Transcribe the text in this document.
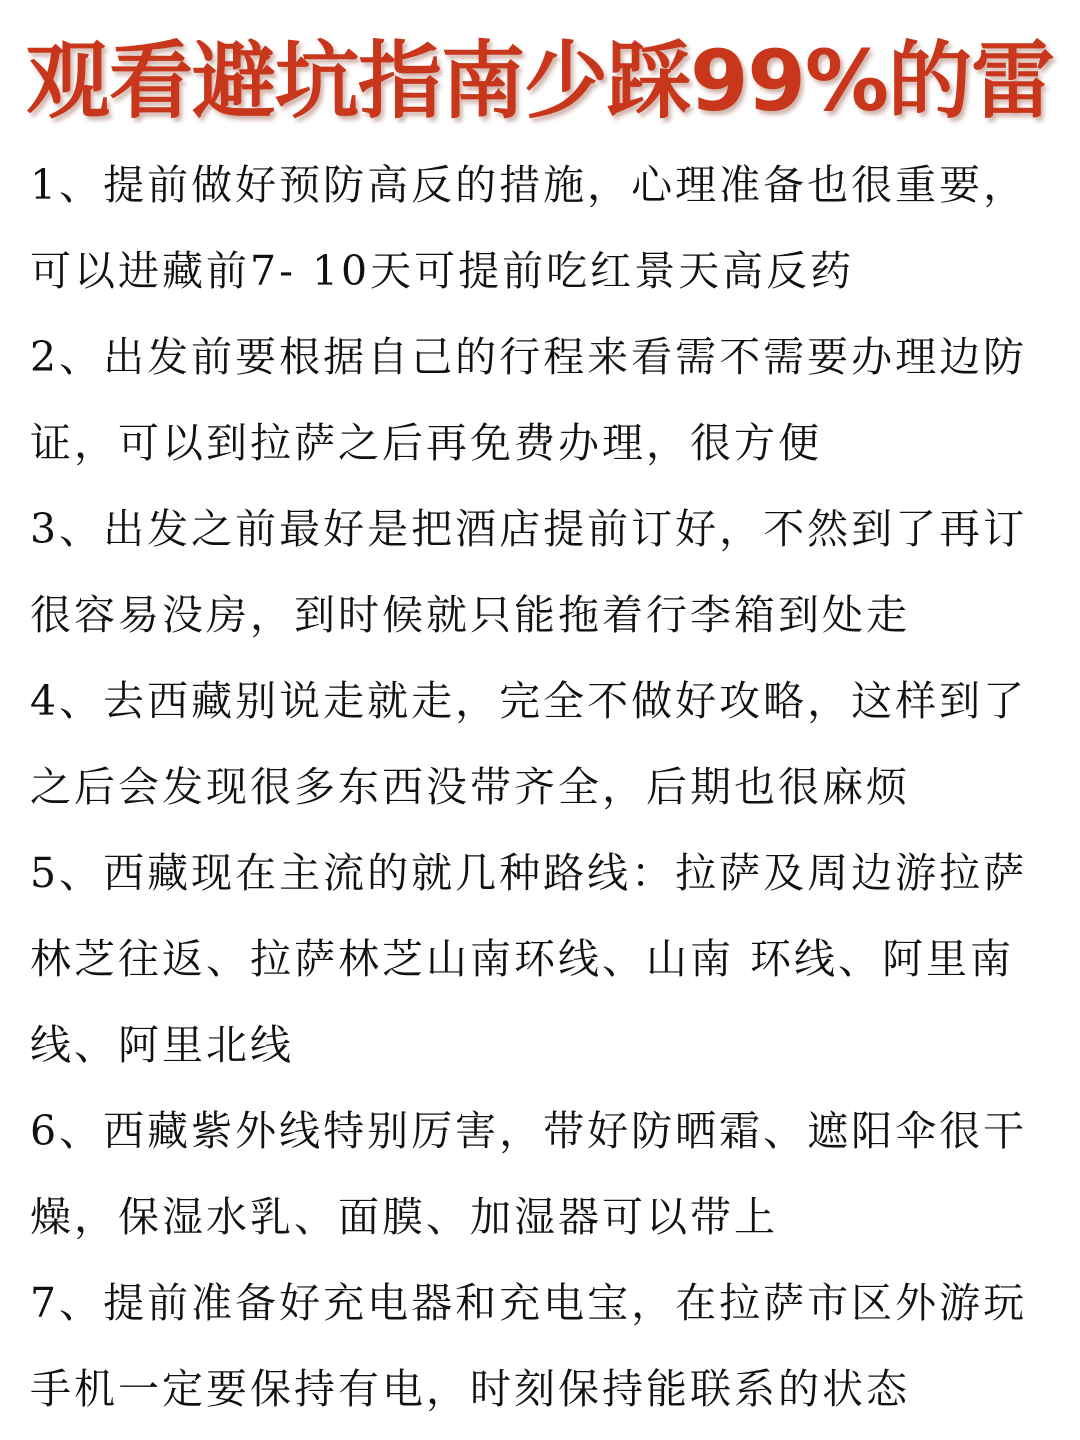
观看避坑指南少踩99%的雷

1、提前做好预防高反的措施，心理准备也很重要，可以进藏前7- 10天可提前吃红景天高反药

2、出发前要根据自己的行程来看需不需要办理边防证，可以到拉萨之后再免费办理，很方便

3、出发之前最好是把酒店提前订好，不然到了再订很容易没房，到时候就只能拖着行李箱到处走

4、去西藏别说走就走，完全不做好攻略，这样到了之后会发现很多东西没带齐全，后期也很麻烦

5、西藏现在主流的就几种路线：拉萨及周边游拉萨林芝往返、拉萨林芝山南环线、山南 环线、阿里南线、阿里北线

6、西藏紫外线特别厉害，带好防晒霜、遮阳伞很干燥，保湿水乳、面膜、加湿器可以带上

7、提前准备好充电器和充电宝，在拉萨市区外游玩手机一定要保持有电，时刻保持能联系的状态
